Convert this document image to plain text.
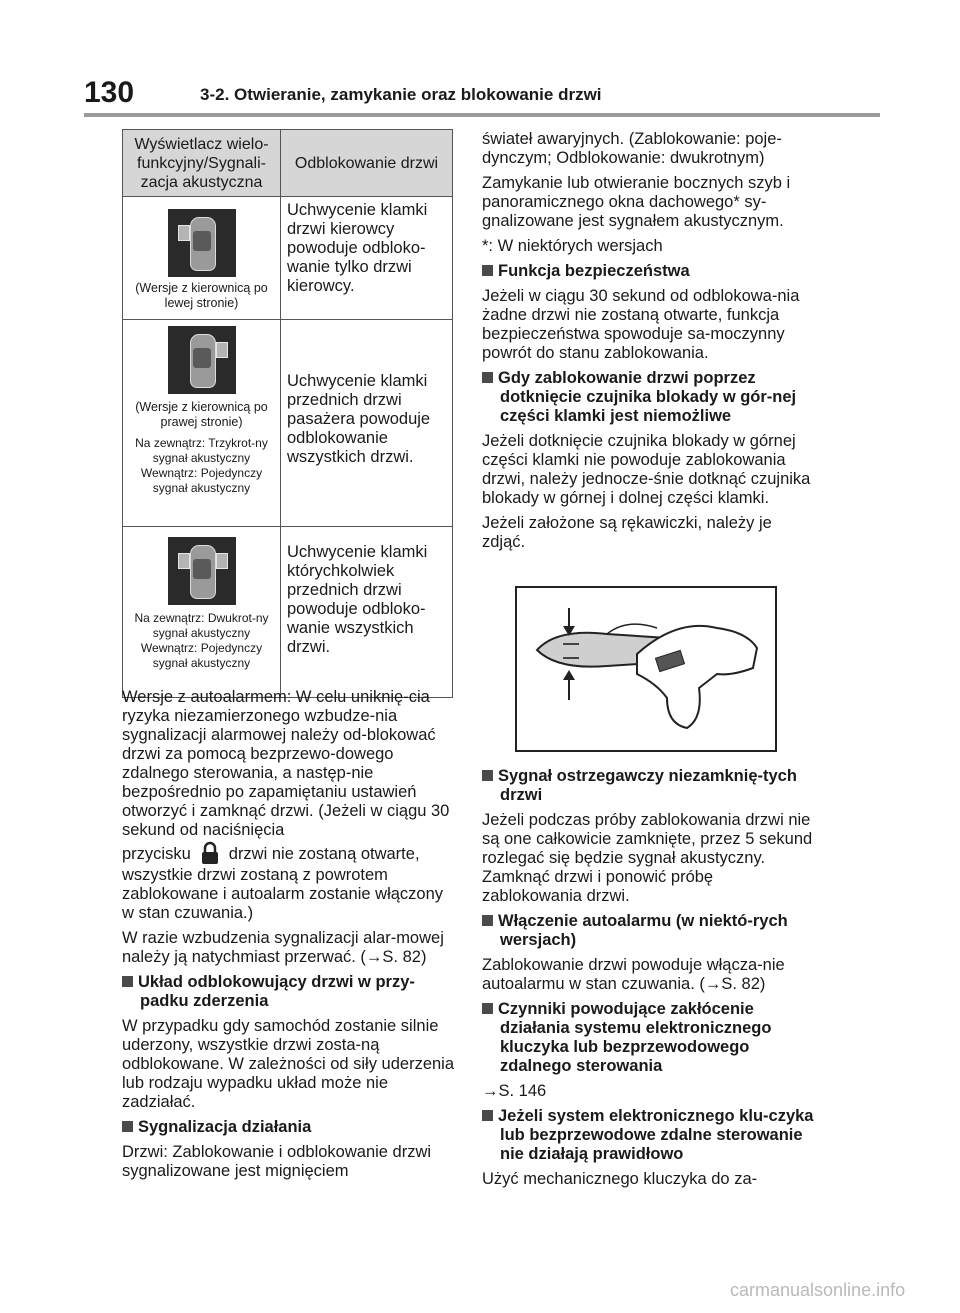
130	3-2. Otwieranie, zamykanie oraz blokowanie drzwi
Wyświetlacz wielo-funkcyjny/Sygnali-zacja akustyczna	Odblokowanie drzwi

(Wersje z kierownicą po lewej stronie)	Uchwycenie klamki drzwi kierowcy powoduje odbloko-wanie tylko drzwi kierowcy.

(Wersje z kierownicą po prawej stronie)
Na zewnątrz: Trzykrot-ny sygnał akustyczny Wewnątrz: Pojedynczy sygnał akustyczny	Uchwycenie klamki przednich drzwi pasażera powoduje odblokowanie wszystkich drzwi.

Na zewnątrz: Dwukrot-ny sygnał akustyczny Wewnątrz: Pojedynczy sygnał akustyczny	Uchwycenie klamki którychkolwiek przednich drzwi powoduje odbloko-wanie wszystkich drzwi.

Wersje z autoalarmem: W celu uniknię-cia ryzyka niezamierzonego wzbudze-nia sygnalizacji alarmowej należy od-blokować drzwi za pomocą bezprzewo-dowego zdalnego sterowania, a następ-nie bezpośrednio po zapamiętaniu ustawień otworzyć i zamknąć drzwi. (Jeżeli w ciągu 30 sekund od naciśnięcia
przycisku drzwi nie zostaną otwarte,
wszystkie drzwi zostaną z powrotem zablokowane i autoalarm zostanie włączony w stan czuwania.)

W razie wzbudzenia sygnalizacji alar-mowej należy ją natychmiast przerwać. (→S. 82)

Układ odblokowujący drzwi w przy-padku zderzenia

W przypadku gdy samochód zostanie silnie uderzony, wszystkie drzwi zosta-ną odblokowane. W zależności od siły uderzenia lub rodzaju wypadku układ może nie zadziałać.

Sygnalizacja działania

Drzwi: Zablokowanie i odblokowanie drzwi sygnalizowane jest mignięciem

świateł awaryjnych. (Zablokowanie: poje-dynczym; Odblokowanie: dwukrotnym)

Zamykanie lub otwieranie bocznych szyb i panoramicznego okna dachowego* sy-gnalizowane jest sygnałem akustycznym.

*: W niektórych wersjach

Funkcja bezpieczeństwa

Jeżeli w ciągu 30 sekund od odblokowa-nia żadne drzwi nie zostaną otwarte, funkcja bezpieczeństwa spowoduje sa-moczynny powrót do stanu zablokowania.

Gdy zablokowanie drzwi poprzez dotknięcie czujnika blokady w gór-nej części klamki jest niemożliwe

Jeżeli dotknięcie czujnika blokady w górnej części klamki nie powoduje zablokowania drzwi, należy jednocze-śnie dotknąć czujnika blokady w górnej i dolnej części klamki.

Jeżeli założone są rękawiczki, należy je zdjąć.

Sygnał ostrzegawczy niezamknię-tych drzwi

Jeżeli podczas próby zablokowania drzwi nie są one całkowicie zamknięte, przez 5 sekund rozlegać się będzie sygnał akustyczny. Zamknąć drzwi i ponowić próbę zablokowania drzwi.

Włączenie autoalarmu (w niektó-rych wersjach)

Zablokowanie drzwi powoduje włącza-nie autoalarmu w stan czuwania. (→S. 82)

Czynniki powodujące zakłócenie działania systemu elektronicznego kluczyka lub bezprzewodowego zdalnego sterowania

→S. 146

Jeżeli system elektronicznego klu-czyka lub bezprzewodowe zdalne sterowanie nie działają prawidłowo

Użyć mechanicznego kluczyka do za-

carmanualsonline.info
